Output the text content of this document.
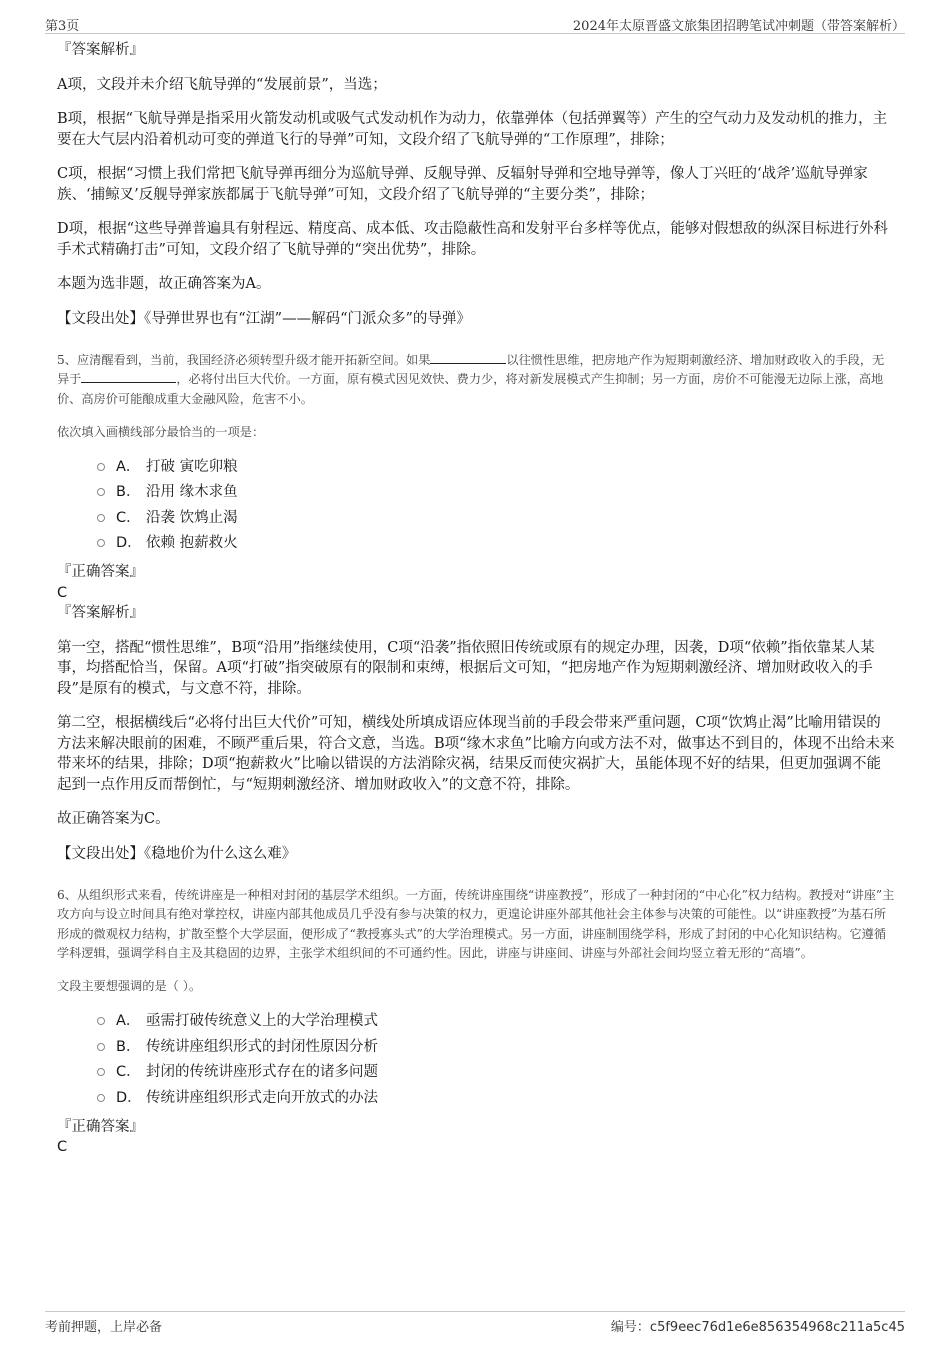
第3页	2024年太原晋盛文旅集团招聘笔试冲刺题（带答案解析）

『答案解析』

A项，文段并未介绍飞航导弹的“发展前景”，当选；

B项，根据“飞航导弹是指采用火箭发动机或吸气式发动机作为动力，依靠弹体（包括弹翼等）产生的空气动力及发动机的推力，主要在大气层内沿着机动可变的弹道飞行的导弹”可知，文段介绍了飞航导弹的“工作原理”，排除；

C项，根据“习惯上我们常把飞航导弹再细分为巡航导弹、反舰导弹、反辐射导弹和空地导弹等，像人丁兴旺的‘战斧’巡航导弹家族、‘捕鲸叉’反舰导弹家族都属于飞航导弹”可知，文段介绍了飞航导弹的“主要分类”，排除；

D项，根据“这些导弹普遍具有射程远、精度高、成本低、攻击隐蔽性高和发射平台多样等优点，能够对假想敌的纵深目标进行外科手术式精确打击”可知，文段介绍了飞航导弹的“突出优势”，排除。

本题为选非题，故正确答案为A。

【文段出处】《导弹世界也有“江湖”——解码“门派众多”的导弹》

5、应清醒看到，当前，我国经济必须转型升级才能开拓新空间。如果	以往惯性思维，把房地产作为短期刺激经济、增加财政收入的手段，无异于	，必将付出巨大代价。一方面，原有模式因见效快、费力少，将对新发展模式产生抑制；另一方面，房价不可能漫无边际上涨，高地价、高房价可能酿成重大金融风险，危害不小。

依次填入画横线部分最恰当的一项是：

A． 打破 寅吃卯粮
B． 沿用 缘木求鱼
C． 沿袭 饮鸩止渴
D． 依赖 抱薪救火

『正确答案』

C

『答案解析』

第一空，搭配“惯性思维”，B项“沿用”指继续使用，C项“沿袭”指依照旧传统或原有的规定办理，因袭，D项“依赖”指依靠某人某事，均搭配恰当，保留。A项“打破”指突破原有的限制和束缚，根据后文可知，“把房地产作为短期刺激经济、增加财政收入的手段”是原有的模式，与文意不符，排除。

第二空，根据横线后“必将付出巨大代价”可知，横线处所填成语应体现当前的手段会带来严重问题，C项“饮鸩止渴”比喻用错误的方法来解决眼前的困难，不顾严重后果，符合文意，当选。B项“缘木求鱼”比喻方向或方法不对，做事达不到目的，体现不出给未来带来坏的结果，排除；D项“抱薪救火”比喻以错误的方法消除灾祸，结果反而使灾祸扩大，虽能体现不好的结果，但更加强调不能起到一点作用反而帮倒忙，与“短期刺激经济、增加财政收入”的文意不符，排除。

故正确答案为C。

【文段出处】《稳地价为什么这么难》

6、从组织形式来看，传统讲座是一种相对封闭的基层学术组织。一方面，传统讲座围绕“讲座教授”，形成了一种封闭的“中心化”权力结构。教授对“讲座”主攻方向与设立时间具有绝对掌控权，讲座内部其他成员几乎没有参与决策的权力，更遑论讲座外部其他社会主体参与决策的可能性。以“讲座教授”为基石所形成的微观权力结构，扩散至整个大学层面，便形成了“教授寡头式”的大学治理模式。另一方面，讲座制围绕学科，形成了封闭的中心化知识结构。它遵循学科逻辑，强调学科自主及其稳固的边界，主张学术组织间的不可通约性。因此，讲座与讲座间、讲座与外部社会间均竖立着无形的“高墙”。

文段主要想强调的是（ ）。

A． 亟需打破传统意义上的大学治理模式
B． 传统讲座组织形式的封闭性原因分析
C． 封闭的传统讲座形式存在的诸多问题
D． 传统讲座组织形式走向开放式的办法

『正确答案』

C

考前押题，上岸必备	编号：c5f9eec76d1e6e856354968c211a5c45
